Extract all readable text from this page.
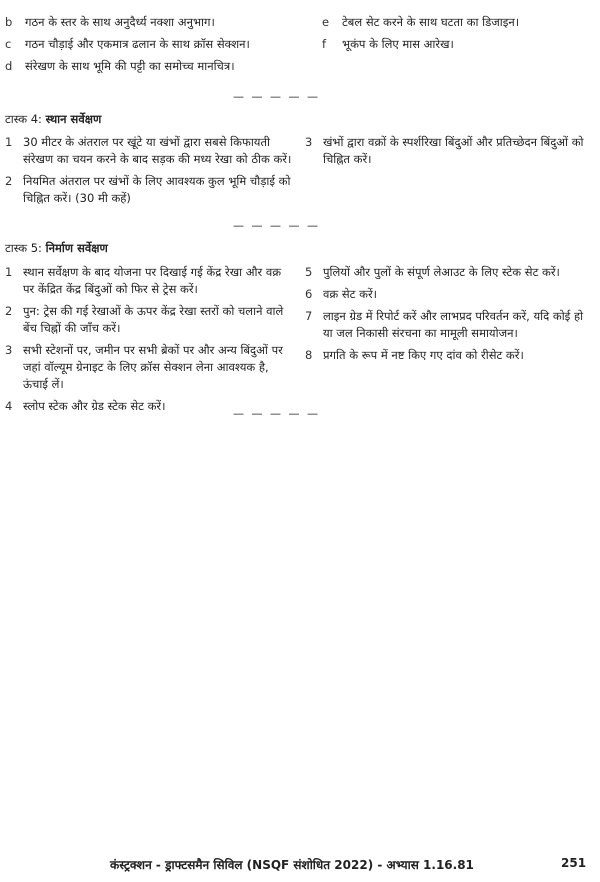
b	गठन के स्तर के साथ अनुदैर्ध्य नक्शा अनुभाग।
c	गठन चौड़ाई और एकमात्र ढलान के साथ क्रॉस सेक्शन।
d	संरेखण के साथ भूमि की पट्टी का समोच्च मानचित्र।
e	टेबल सेट करने के साथ घटता का डिजाइन।
f	भूकंप के लिए मास आरेख।
— — — — —
टास्क 4: स्थान सर्वेक्षण
1 30 मीटर के अंतराल पर खूंटे या खंभों द्वारा सबसे किफायती संरेखण का चयन करने के बाद सड़क की मध्य रेखा को ठीक करें।
2 नियमित अंतराल पर खंभों के लिए आवश्यक कुल भूमि चौड़ाई को चिह्नित करें। (30 मी कहें)
3 खंभों द्वारा वक्रों के स्पर्शरिखा बिंदुओं और प्रतिच्छेदन बिंदुओं को चिह्नित करें।
— — — — —
टास्क 5: निर्माण सर्वेक्षण
1 स्थान सर्वेक्षण के बाद योजना पर दिखाई गई केंद्र रेखा और वक्र पर केंद्रित केंद्र बिंदुओं को फिर से ट्रेस करें।
2 पुन: ट्रेस की गई रेखाओं के ऊपर केंद्र रेखा स्तरों को चलाने वाले बेंच चिह्नों की जाँच करें।
3 सभी स्टेशनों पर, जमीन पर सभी ब्रेकों पर और अन्य बिंदुओं पर जहां वॉल्यूम ग्रेनाइट के लिए क्रॉस सेक्शन लेना आवश्यक है, ऊंचाई लें।
4 स्लोप स्टेक और ग्रेड स्टेक सेट करें।
5 पुलियों और पुलों के संपूर्ण लेआउट के लिए स्टेक सेट करें।
6 वक्र सेट करें।
7 लाइन ग्रेड में रिपोर्ट करें और लाभप्रद परिवर्तन करें, यदि कोई हो या जल निकासी संरचना का मामूली समायोजन।
8 प्रगति के रूप में नष्ट किए गए दांव को रीसेट करें।
— — — — —
कंस्ट्रक्शन - ड्राफ्टसमैन सिविल (NSQF संशोधित 2022) - अभ्यास 1.16.81	251
